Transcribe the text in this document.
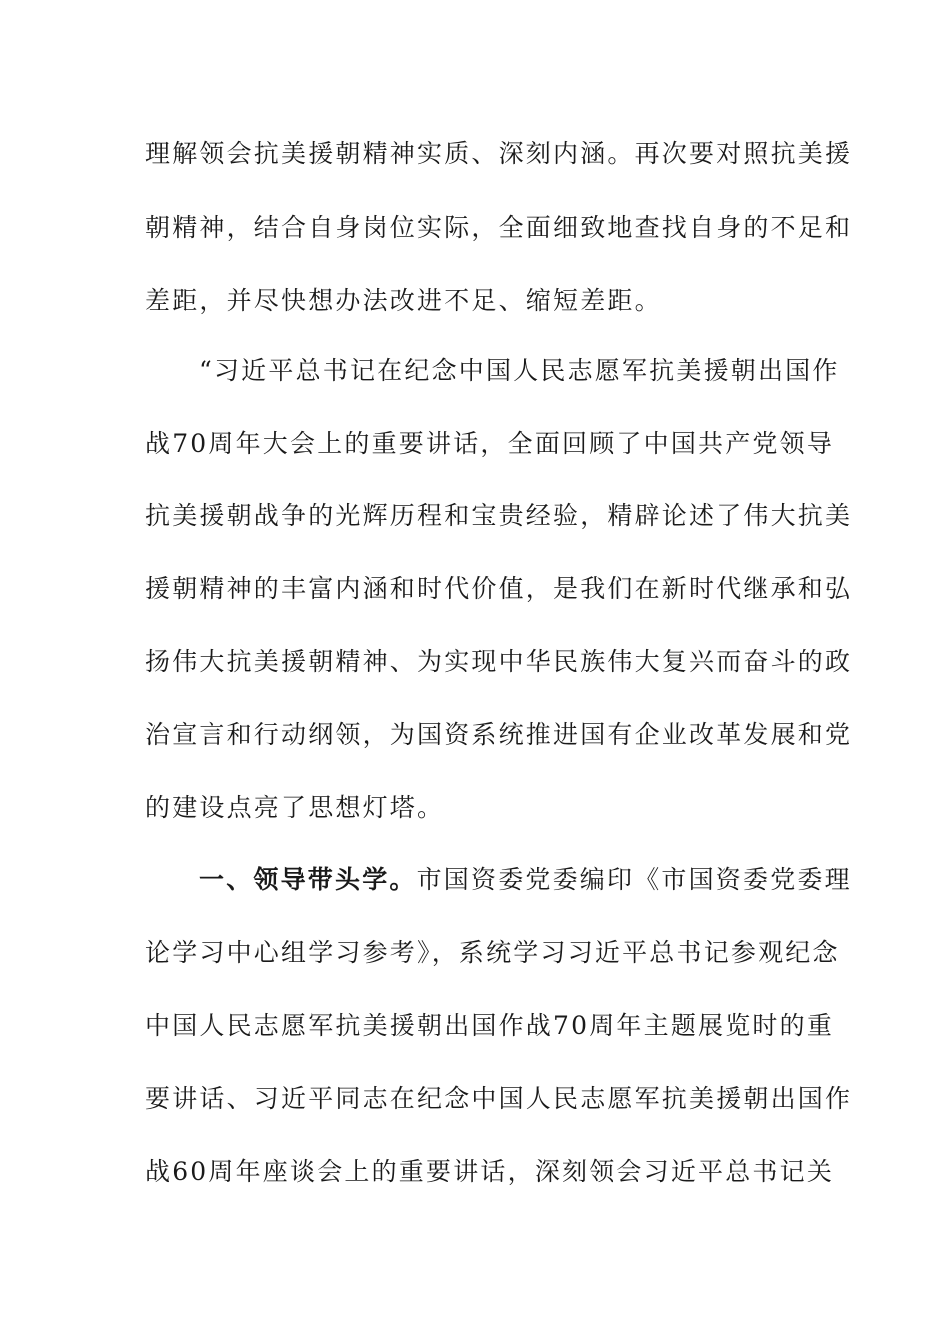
理解领会抗美援朝精神实质、深刻内涵。再次要对照抗美援
朝精神，结合自身岗位实际，全面细致地查找自身的不足和
差距，并尽快想办法改进不足、缩短差距。
“习近平总书记在纪念中国人民志愿军抗美援朝出国作
战70周年大会上的重要讲话，全面回顾了中国共产党领导
抗美援朝战争的光辉历程和宝贵经验，精辟论述了伟大抗美
援朝精神的丰富内涵和时代价值，是我们在新时代继承和弘
扬伟大抗美援朝精神、为实现中华民族伟大复兴而奋斗的政
治宣言和行动纲领，为国资系统推进国有企业改革发展和党
的建设点亮了思想灯塔。
一、领导带头学。市国资委党委编印《市国资委党委理
论学习中心组学习参考》，系统学习习近平总书记参观纪念
中国人民志愿军抗美援朝出国作战70周年主题展览时的重
要讲话、习近平同志在纪念中国人民志愿军抗美援朝出国作
战60周年座谈会上的重要讲话，深刻领会习近平总书记关
